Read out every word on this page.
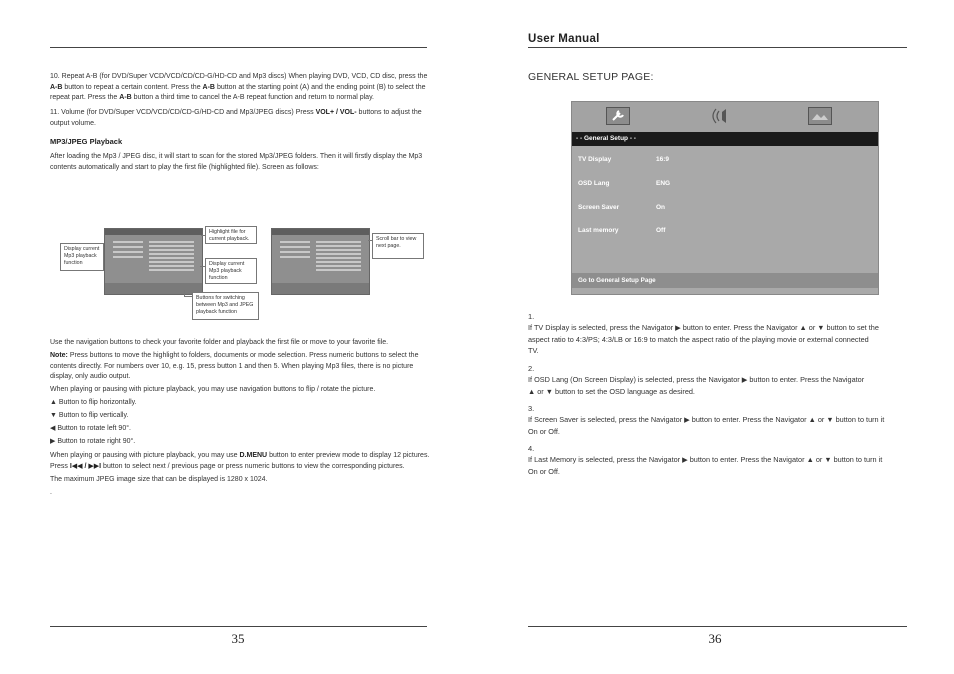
10. Repeat A-B (for DVD/Super VCD/VCD/CD/CD-G/HD-CD and Mp3 discs) When playing DVD, VCD, CD disc, press the
A-B button to repeat a certain content. Press the A-B button at the starting point (A) and the ending point (B) to select the
repeat part. Press the A-B button a third time to cancel the A-B repeat function and return to normal play.
11. Volume (for DVD/Super VCD/VCD/CD/CD-G/HD-CD and Mp3/JPEG discs) Press VOL+ / VOL- buttons to adjust the
output volume.
MP3/JPEG Playback
After loading the Mp3 / JPEG disc, it will start to scan for the stored Mp3/JPEG folders. Then it will firstly display the Mp3
contents automatically and start to play the first file (highlighted file). Screen as follows:
Display current Mp3 playback function
Highlight file for current playback.
Display current Mp3 playback function
Buttons for switching between Mp3 and JPEG playback function
Scroll bar to view next page.
Use the navigation buttons to check your favorite folder and playback the first file or move to your favorite file.
Note: Press buttons to move the highlight to folders, documents or mode selection. Press numeric buttons to select the
contents directly. For numbers over 10, e.g. 15, press button 1 and then 5. When playing Mp3 files, there is no picture
display, only audio output.
When playing or pausing with picture playback, you may use navigation buttons to flip / rotate the picture.
▲ Button to flip horizontally.
▼ Button to flip vertically.
◀ Button to rotate left 90°.
▶ Button to rotate right 90°.
When playing or pausing with picture playback, you may use D.MENU button to enter preview mode to display 12 pictures.
Press I◀◀ / ▶▶I button to select next / previous page or press numeric buttons to view the corresponding pictures.
The maximum JPEG image size that can be displayed is 1280 x 1024.
.
35
User Manual
GENERAL SETUP PAGE:
- - General Setup - -
TV Display	16:9
OSD Lang	ENG
Screen Saver	On
Last memory	Off
Go to General Setup Page
1.
If TV Display is selected, press the Navigator ▶ button to enter. Press the Navigator ▲ or ▼ button to set the
aspect ratio to 4:3/PS; 4:3/LB or 16:9 to match the aspect ratio of the playing movie or external connected
TV.
2.
If OSD Lang (On Screen Display) is selected, press the Navigator ▶ button to enter. Press the Navigator
▲ or ▼ button to set the OSD language as desired.
3.
If Screen Saver is selected, press the Navigator ▶ button to enter. Press the Navigator ▲ or ▼ button to turn it
On or Off.
4.
If Last Memory is selected, press the Navigator ▶ button to enter. Press the Navigator ▲ or ▼ button to turn it
On or Off.
36
